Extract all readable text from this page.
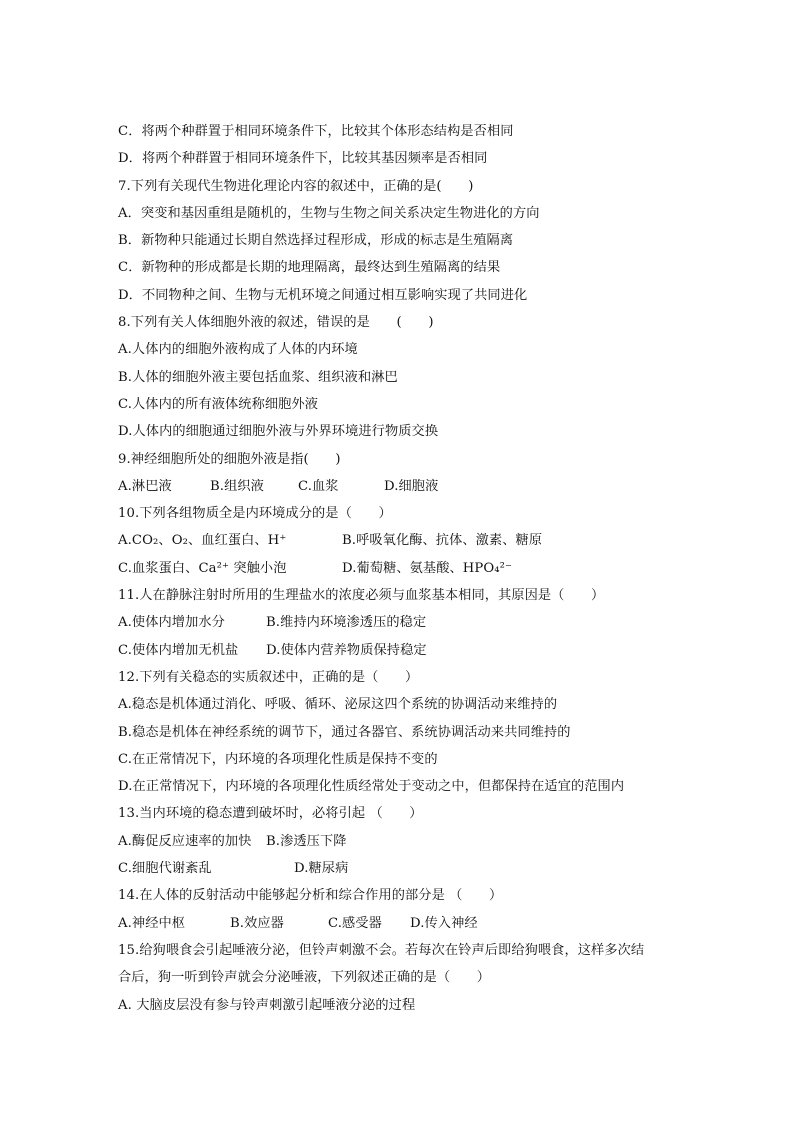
C．将两个种群置于相同环境条件下，比较其个体形态结构是否相同
D．将两个种群置于相同环境条件下，比较其基因频率是否相同
7.下列有关现代生物进化理论内容的叙述中，正确的是(　　)
A．突变和基因重组是随机的，生物与生物之间关系决定生物进化的方向
B．新物种只能通过长期自然选择过程形成，形成的标志是生殖隔离
C．新物种的形成都是长期的地理隔离，最终达到生殖隔离的结果
D．不同物种之间、生物与无机环境之间通过相互影响实现了共同进化
8.下列有关人体细胞外液的叙述，错误的是　　(　　)
A.人体内的细胞外液构成了人体的内环境
B.人体的细胞外液主要包括血浆、组织液和淋巴
C.人体内的所有液体统称细胞外液
D.人体内的细胞通过细胞外液与外界环境进行物质交换
9.神经细胞所处的细胞外液是指(　　)
A.淋巴液	B.组织液	C.血浆	D.细胞液
10.下列各组物质全是内环境成分的是（　　）
A.CO₂、O₂、血红蛋白、H⁺	B.呼吸氧化酶、抗体、激素、糖原
C.血浆蛋白、Ca²⁺ 突触小泡	D.葡萄糖、氨基酸、HPO₄²⁻
11.人在静脉注射时所用的生理盐水的浓度必须与血浆基本相同，其原因是（　　）
A.使体内增加水分	B.维持内环境渗透压的稳定
C.使体内增加无机盐	D.使体内营养物质保持稳定
12.下列有关稳态的实质叙述中，正确的是（　　）
A.稳态是机体通过消化、呼吸、循环、泌尿这四个系统的协调活动来维持的
B.稳态是机体在神经系统的调节下，通过各器官、系统协调活动来共同维持的
C.在正常情况下，内环境的各项理化性质是保持不变的
D.在正常情况下，内环境的各项理化性质经常处于变动之中，但都保持在适宜的范围内
13.当内环境的稳态遭到破坏时，必将引起 （　　）
A.酶促反应速率的加快	B.渗透压下降
C.细胞代谢紊乱	D.糖尿病
14.在人体的反射活动中能够起分析和综合作用的部分是 （　　）
A.神经中枢	B.效应器	C.感受器	D.传入神经
15.给狗喂食会引起唾液分泌，但铃声刺激不会。若每次在铃声后即给狗喂食，这样多次结
合后，狗一听到铃声就会分泌唾液，下列叙述正确的是（　　）
A. 大脑皮层没有参与铃声刺激引起唾液分泌的过程
